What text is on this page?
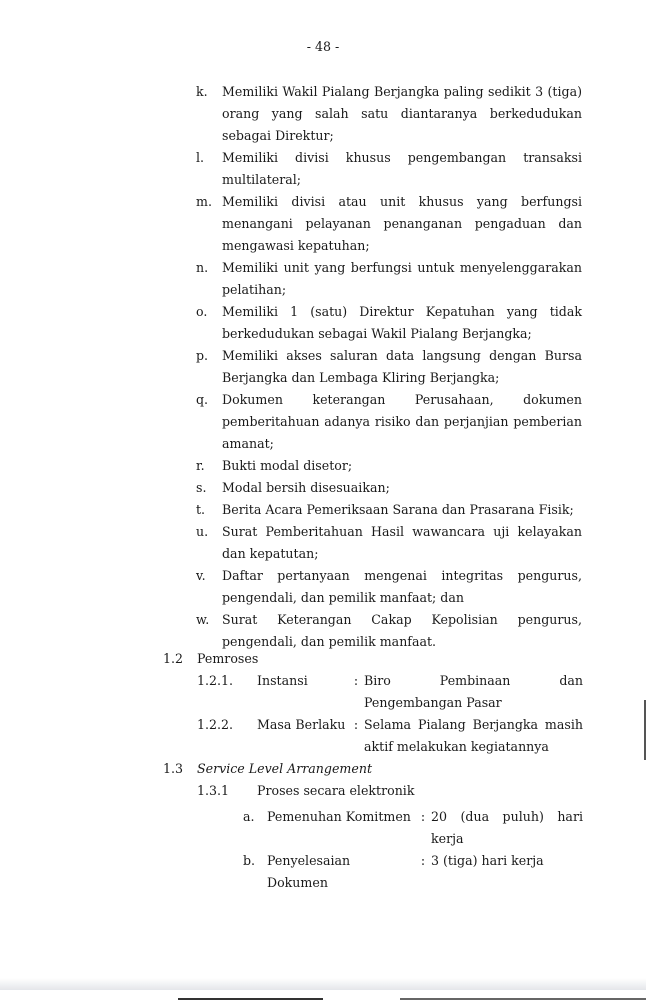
- 48 -
k.	Memiliki Wakil Pialang Berjangka paling sedikit 3 (tiga) orang yang salah satu diantaranya berkedudukan sebagai Direktur;
l.	Memiliki divisi khusus pengembangan transaksi multilateral;
m. Memiliki divisi atau unit khusus yang berfungsi menangani pelayanan penanganan pengaduan dan mengawasi kepatuhan;
n.	Memiliki unit yang berfungsi untuk menyelenggarakan pelatihan;
o.	Memiliki 1 (satu) Direktur Kepatuhan yang tidak berkedudukan sebagai Wakil Pialang Berjangka;
p.	Memiliki akses saluran data langsung dengan Bursa Berjangka dan Lembaga Kliring Berjangka;
q.	Dokumen keterangan Perusahaan, dokumen pemberitahuan adanya risiko dan perjanjian pemberian amanat;
r.	Bukti modal disetor;
s.	Modal bersih disesuaikan;
t.	Berita Acara Pemeriksaan Sarana dan Prasarana Fisik;
u.	Surat Pemberitahuan Hasil wawancara uji kelayakan dan kepatutan;
v.	Daftar pertanyaan mengenai integritas pengurus, pengendali, dan pemilik manfaat; dan
w.	Surat Keterangan Cakap Kepolisian pengurus, pengendali, dan pemilik manfaat.
1.2	Pemroses
1.2.1.	Instansi	: Biro Pembinaan dan Pengembangan Pasar
1.2.2.	Masa Berlaku : Selama Pialang Berjangka masih aktif melakukan kegiatannya
1.3	Service Level Arrangement
1.3.1	Proses secara elektronik
a. Pemenuhan Komitmen : 20 (dua puluh) hari kerja
b. Penyelesaian Dokumen
: 3 (tiga) hari kerja
